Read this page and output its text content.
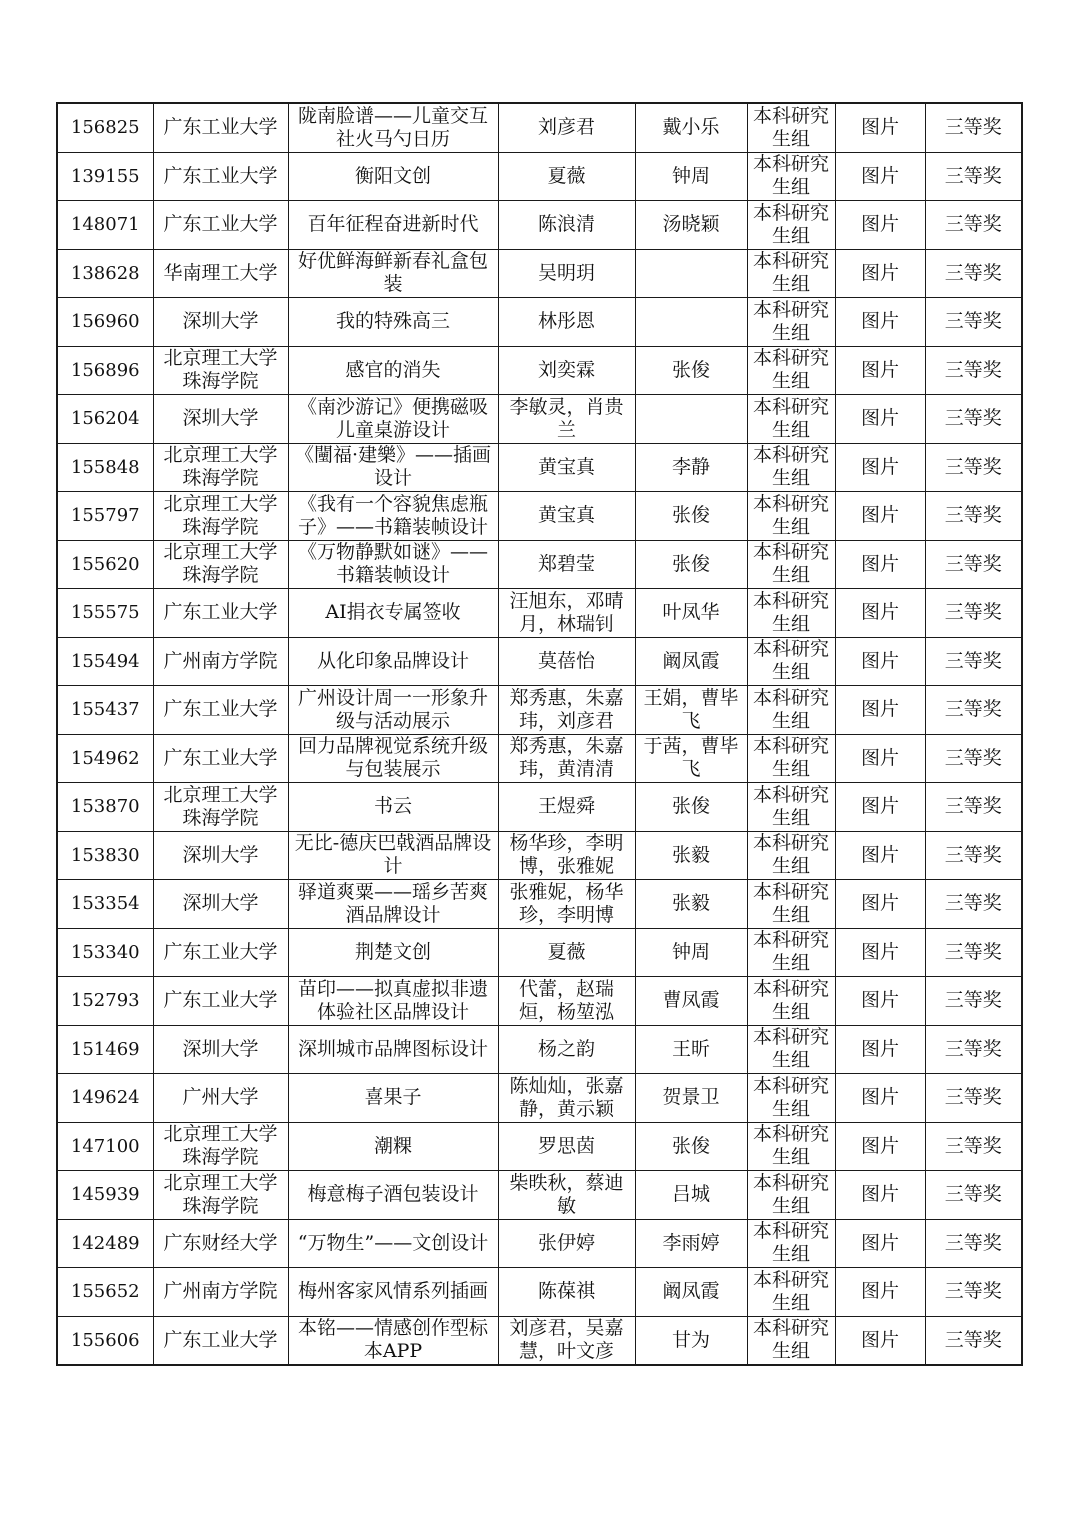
156825	广东工业大学	陇南脸谱——儿童交互社火马勺日历	刘彦君	戴小乐	本科研究生组	图片	三等奖
139155	广东工业大学	衡阳文创	夏薇	钟周	本科研究生组	图片	三等奖
148071	广东工业大学	百年征程奋进新时代	陈浪清	汤晓颖	本科研究生组	图片	三等奖
138628	华南理工大学	好优鲜海鲜新春礼盒包装	吴明玥		本科研究生组	图片	三等奖
156960	深圳大学	我的特殊高三	林彤恩		本科研究生组	图片	三等奖
156896	北京理工大学珠海学院	感官的消失	刘奕霖	张俊	本科研究生组	图片	三等奖
156204	深圳大学	《南沙游记》便携磁吸儿童桌游设计	李敏灵，肖贵兰		本科研究生组	图片	三等奖
155848	北京理工大学珠海学院	《闉福·建樂》——插画设计	黄宝真	李静	本科研究生组	图片	三等奖
155797	北京理工大学珠海学院	《我有一个容貌焦虑瓶子》——书籍装帧设计	黄宝真	张俊	本科研究生组	图片	三等奖
155620	北京理工大学珠海学院	《万物静默如谜》——书籍装帧设计	郑碧莹	张俊	本科研究生组	图片	三等奖
155575	广东工业大学	AI捐衣专属签收	汪旭东，邓晴月，林瑞钊	叶凤华	本科研究生组	图片	三等奖
155494	广州南方学院	从化印象品牌设计	莫蓓怡	阚凤霞	本科研究生组	图片	三等奖
155437	广东工业大学	广州设计周一一形象升级与活动展示	郑秀惠，朱嘉玮，刘彦君	王娟，曹毕飞	本科研究生组	图片	三等奖
154962	广东工业大学	回力品牌视觉系统升级与包装展示	郑秀惠，朱嘉玮，黄清清	于茜，曹毕飞	本科研究生组	图片	三等奖
153870	北京理工大学珠海学院	书云	王煜舜	张俊	本科研究生组	图片	三等奖
153830	深圳大学	无比-德庆巴戟酒品牌设计	杨华珍，李明博，张雅妮	张毅	本科研究生组	图片	三等奖
153354	深圳大学	驿道爽粟——瑶乡苦爽酒品牌设计	张雅妮，杨华珍，李明博	张毅	本科研究生组	图片	三等奖
153340	广东工业大学	荆楚文创	夏薇	钟周	本科研究生组	图片	三等奖
152793	广东工业大学	苗印——拟真虚拟非遗体验社区品牌设计	代蕾，赵瑞烜，杨堃泓	曹凤霞	本科研究生组	图片	三等奖
151469	深圳大学	深圳城市品牌图标设计	杨之韵	王昕	本科研究生组	图片	三等奖
149624	广州大学	喜果子	陈灿灿，张嘉静，黄示颖	贺景卫	本科研究生组	图片	三等奖
147100	北京理工大学珠海学院	潮粿	罗思茵	张俊	本科研究生组	图片	三等奖
145939	北京理工大学珠海学院	梅意梅子酒包装设计	柴昳秋，蔡迪敏	吕城	本科研究生组	图片	三等奖
142489	广东财经大学	“万物生”——文创设计	张伊婷	李雨婷	本科研究生组	图片	三等奖
155652	广州南方学院	梅州客家风情系列插画	陈葆祺	阚凤霞	本科研究生组	图片	三等奖
155606	广东工业大学	本铭——情感创作型标本APP	刘彦君，吴嘉慧，叶文彦	甘为	本科研究生组	图片	三等奖
